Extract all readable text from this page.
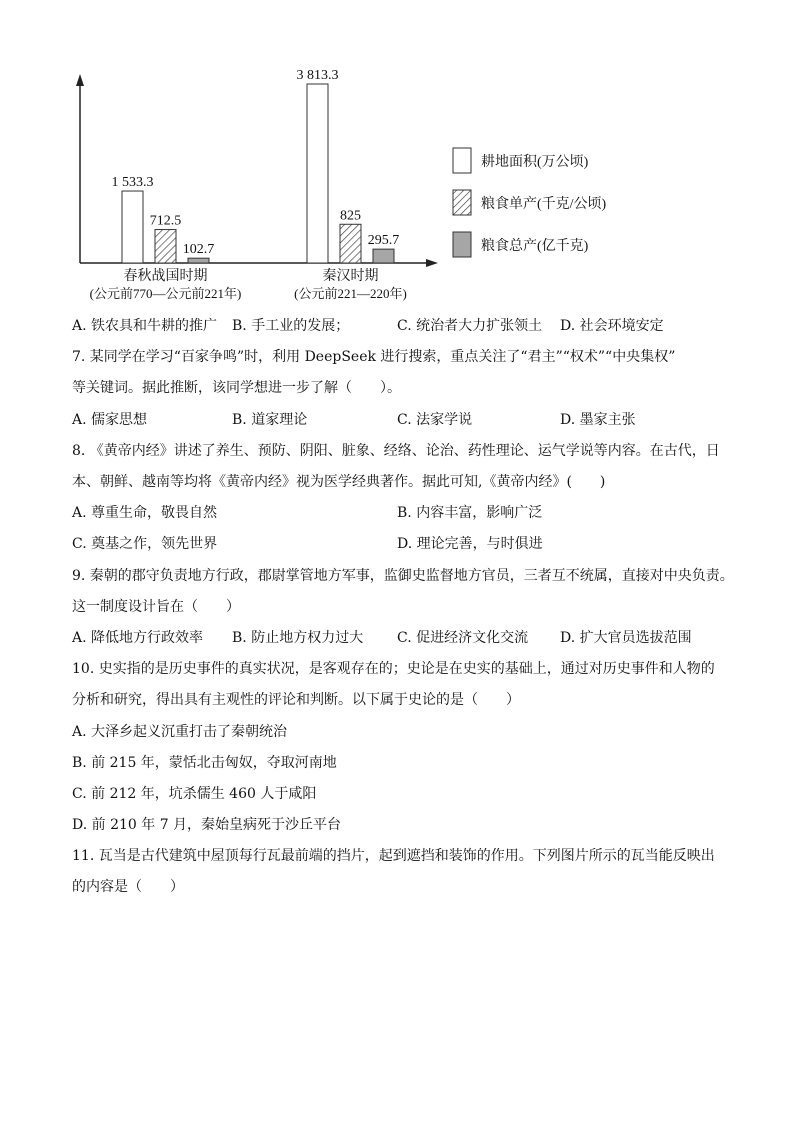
1 533.3
712.5
102.7
3 813.3
825
295.7
春秋战国时期
(公元前770—公元前221年)
秦汉时期
(公元前221—220年)
耕地面积(万公顷)
粮食单产(千克/公顷)
粮食总产(亿千克)
A. 铁农具和牛耕的推广 B. 手工业的发展；	C. 统治者大力扩张领土 D. 社会环境安定
7. 某同学在学习“百家争鸣”时，利用 DeepSeek 进行搜索，重点关注了“君主”“权术”“中央集权”
等关键词。据此推断，该同学想进一步了解（　　）。
A. 儒家思想	B. 道家理论	C. 法家学说	D. 墨家主张
8. 《黄帝内经》讲述了养生、预防、阴阳、脏象、经络、论治、药性理论、运气学说等内容。在古代，日
本、朝鲜、越南等均将《黄帝内经》视为医学经典著作。据此可知,《黄帝内经》(　　)
A. 尊重生命，敬畏自然	B. 内容丰富，影响广泛
C. 奠基之作，领先世界	D. 理论完善，与时俱进
9. 秦朝的郡守负责地方行政，郡尉掌管地方军事，监御史监督地方官员，三者互不统属，直接对中央负责。
这一制度设计旨在（　　）
A. 降低地方行政效率 B. 防止地方权力过大 C. 促进经济文化交流 D. 扩大官员选拔范围
10. 史实指的是历史事件的真实状况，是客观存在的；史论是在史实的基础上，通过对历史事件和人物的
分析和研究，得出具有主观性的评论和判断。以下属于史论的是（　　）
A. 大泽乡起义沉重打击了秦朝统治
B. 前 215 年，蒙恬北击匈奴，夺取河南地
C. 前 212 年，坑杀儒生 460 人于咸阳
D. 前 210 年 7 月，秦始皇病死于沙丘平台
11. 瓦当是古代建筑中屋顶每行瓦最前端的挡片，起到遮挡和装饰的作用。下列图片所示的瓦当能反映出
的内容是（　　）
